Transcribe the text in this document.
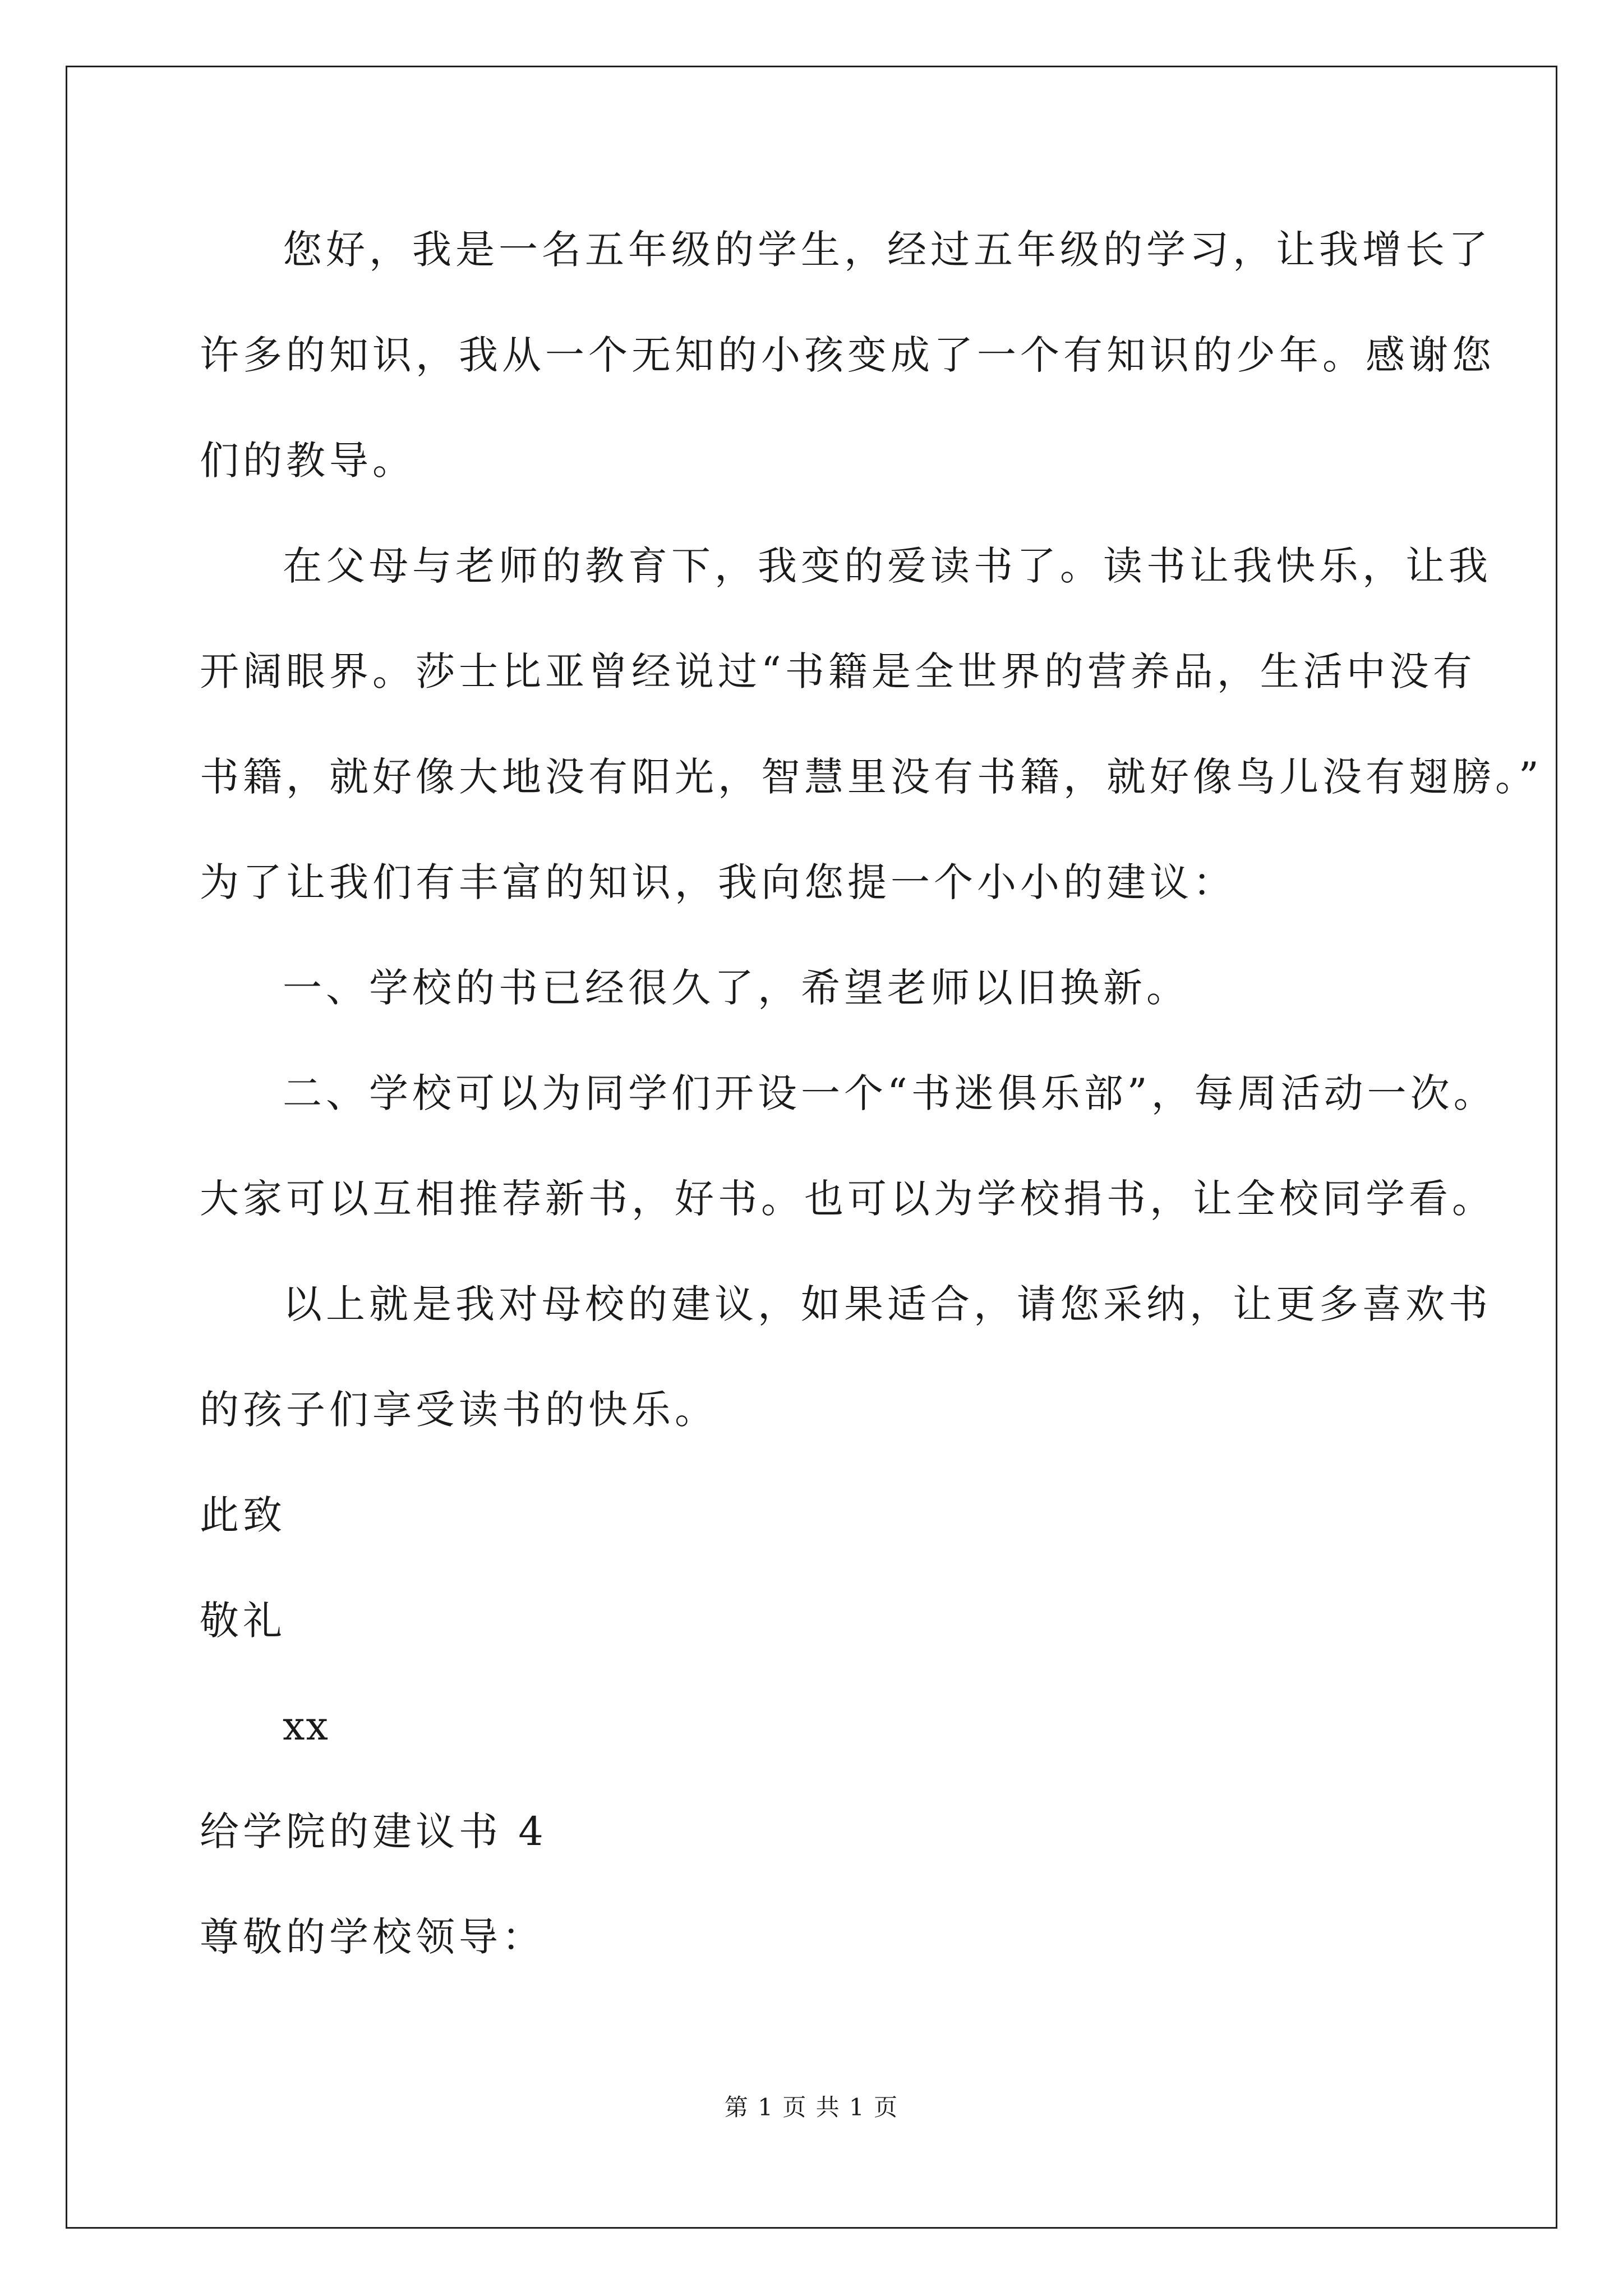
您好，我是一名五年级的学生，经过五年级的学习，让我增长了
许多的知识，我从一个无知的小孩变成了一个有知识的少年。感谢您
们的教导。
在父母与老师的教育下，我变的爱读书了。读书让我快乐，让我
开阔眼界。莎士比亚曾经说过“书籍是全世界的营养品，生活中没有
书籍，就好像大地没有阳光，智慧里没有书籍，就好像鸟儿没有翅膀。”
为了让我们有丰富的知识，我向您提一个小小的建议：
一、学校的书已经很久了，希望老师以旧换新。
二、学校可以为同学们开设一个“书迷俱乐部”，每周活动一次。
大家可以互相推荐新书，好书。也可以为学校捐书，让全校同学看。
以上就是我对母校的建议，如果适合，请您采纳，让更多喜欢书
的孩子们享受读书的快乐。
此致
敬礼
xx
给学院的建议书 4
尊敬的学校领导：
第 1 页 共 1 页
